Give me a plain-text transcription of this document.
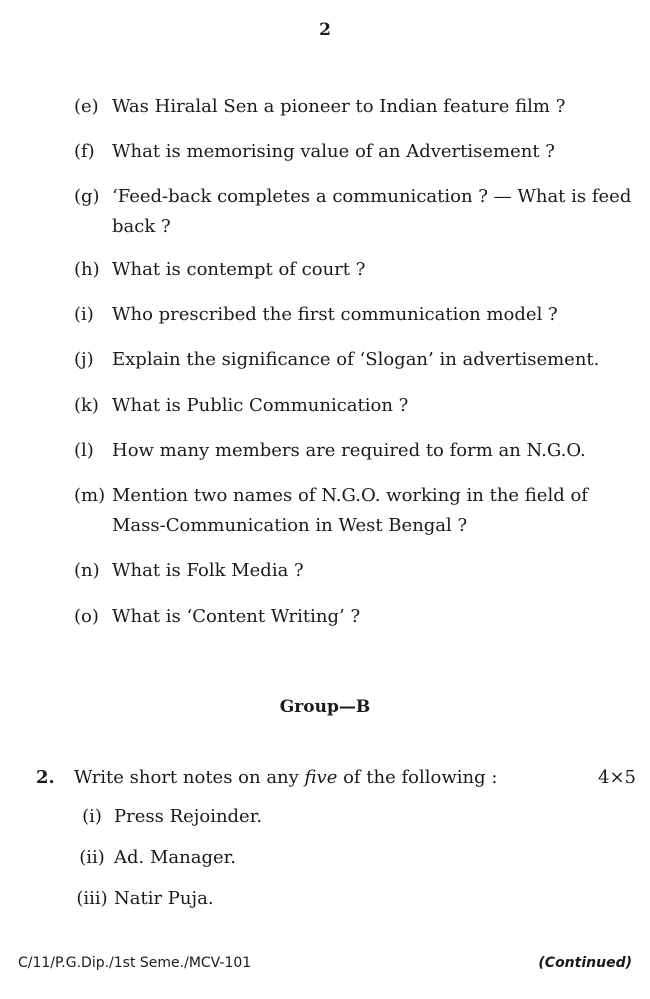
2
(e) Was Hiralal Sen a pioneer to Indian feature film ?
(f) What is memorising value of an Advertisement ?
(g) ‘Feed-back completes a communication ? — What is feed back ?
(h) What is contempt of court ?
(i)	Who prescribed the first communication model ?
(j)	Explain the significance of ‘Slogan’ in advertisement.
(k) What is Public Communication ?
(l)	How many members are required to form an N.G.O.
(m) Mention two names of N.G.O. working in the field of Mass-Communication in West Bengal ?
(n) What is Folk Media ?
(o) What is ‘Content Writing’ ?
Group—B
2.	Write short notes on any five of the following :	4×5
(i) Press Rejoinder.
(ii) Ad. Manager.
(iii) Natir Puja.
C/11/P.G.Dip./1st Seme./MCV-101	(Continued)
